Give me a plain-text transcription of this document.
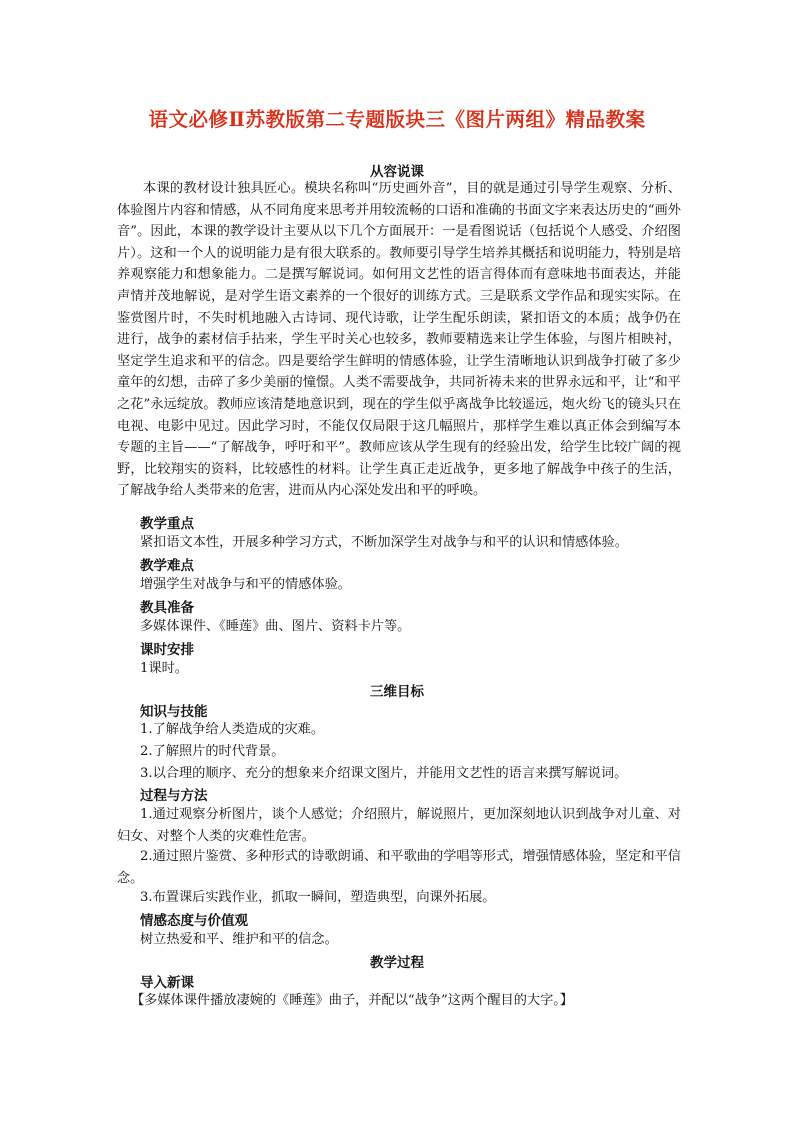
语文必修Ⅱ苏教版第二专题版块三《图片两组》精品教案
从容说课

本课的教材设计独具匠心。模块名称叫“历史画外音”，目的就是通过引导学生观察、分析、体验图片内容和情感，从不同角度来思考并用较流畅的口语和准确的书面文字来表达历史的“画外音”。因此，本课的教学设计主要从以下几个方面展开：一是看图说话（包括说个人感受、介绍图片）。这和一个人的说明能力是有很大联系的。教师要引导学生培养其概括和说明能力，特别是培养观察能力和想象能力。二是撰写解说词。如何用文艺性的语言得体而有意味地书面表达，并能声情并茂地解说，是对学生语文素养的一个很好的训练方式。三是联系文学作品和现实实际。在鉴赏图片时，不失时机地融入古诗词、现代诗歌，让学生配乐朗读，紧扣语文的本质；战争仍在进行，战争的素材信手拈来，学生平时关心也较多，教师要精选来让学生体验，与图片相映衬，坚定学生追求和平的信念。四是要给学生鲜明的情感体验，让学生清晰地认识到战争打破了多少童年的幻想，击碎了多少美丽的憧憬。人类不需要战争，共同祈祷未来的世界永远和平，让“和平之花”永远绽放。教师应该清楚地意识到，现在的学生似乎离战争比较遥远，炮火纷飞的镜头只在电视、电影中见过。因此学习时，不能仅仅局限于这几幅照片，那样学生难以真正体会到编写本专题的主旨——“了解战争，呼吁和平”。教师应该从学生现有的经验出发，给学生比较广阔的视野，比较翔实的资料，比较感性的材料。让学生真正走近战争，更多地了解战争中孩子的生活，了解战争给人类带来的危害，进而从内心深处发出和平的呼唤。

教学重点

紧扣语文本性，开展多种学习方式，不断加深学生对战争与和平的认识和情感体验。

教学难点

增强学生对战争与和平的情感体验。

教具准备

多媒体课件、《睡莲》曲、图片、资料卡片等。

课时安排

1课时。

三维目标
知识与技能

1.了解战争给人类造成的灾难。

2.了解照片的时代背景。

3.以合理的顺序、充分的想象来介绍课文图片，并能用文艺性的语言来撰写解说词。

过程与方法

1.通过观察分析图片，谈个人感觉；介绍照片，解说照片，更加深刻地认识到战争对儿童、对妇女、对整个人类的灾难性危害。

2.通过照片鉴赏、多种形式的诗歌朗诵、和平歌曲的学唱等形式，增强情感体验，坚定和平信念。

3.布置课后实践作业，抓取一瞬间，塑造典型，向课外拓展。

情感态度与价值观

树立热爱和平、维护和平的信念。

教学过程
导入新课

【多媒体课件播放凄婉的《睡莲》曲子，并配以“战争”这两个醒目的大字。】
